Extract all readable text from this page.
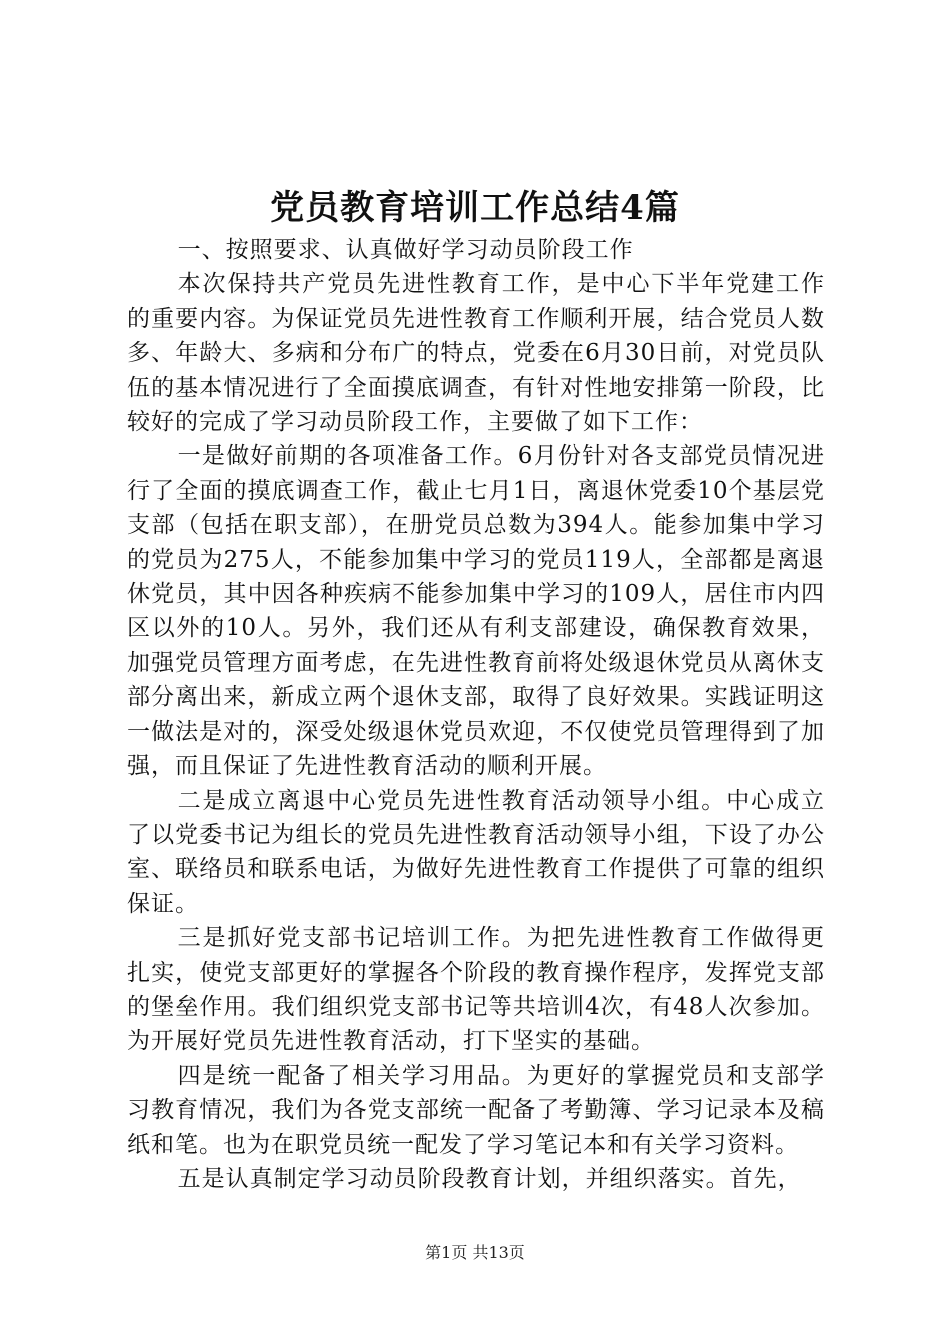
党员教育培训工作总结4篇

一、按照要求、认真做好学习动员阶段工作

本次保持共产党员先进性教育工作，是中心下半年党建工作的重要内容。为保证党员先进性教育工作顺利开展，结合党员人数多、年龄大、多病和分布广的特点，党委在6月30日前，对党员队伍的基本情况进行了全面摸底调查，有针对性地安排第一阶段，比较好的完成了学习动员阶段工作，主要做了如下工作：

一是做好前期的各项准备工作。6月份针对各支部党员情况进行了全面的摸底调查工作，截止七月1日，离退休党委10个基层党支部（包括在职支部），在册党员总数为394人。能参加集中学习的党员为275人，不能参加集中学习的党员119人，全部都是离退休党员，其中因各种疾病不能参加集中学习的109人，居住市内四区以外的10人。另外，我们还从有利支部建设，确保教育效果，加强党员管理方面考虑，在先进性教育前将处级退休党员从离休支部分离出来，新成立两个退休支部，取得了良好效果。实践证明这一做法是对的，深受处级退休党员欢迎，不仅使党员管理得到了加强，而且保证了先进性教育活动的顺利开展。

二是成立离退中心党员先进性教育活动领导小组。中心成立了以党委书记为组长的党员先进性教育活动领导小组，下设了办公室、联络员和联系电话，为做好先进性教育工作提供了可靠的组织保证。

三是抓好党支部书记培训工作。为把先进性教育工作做得更扎实，使党支部更好的掌握各个阶段的教育操作程序，发挥党支部的堡垒作用。我们组织党支部书记等共培训4次，有48人次参加。为开展好党员先进性教育活动，打下坚实的基础。

四是统一配备了相关学习用品。为更好的掌握党员和支部学习教育情况，我们为各党支部统一配备了考勤簿、学习记录本及稿纸和笔。也为在职党员统一配发了学习笔记本和有关学习资料。

五是认真制定学习动员阶段教育计划，并组织落实。首先，

第1页 共13页
